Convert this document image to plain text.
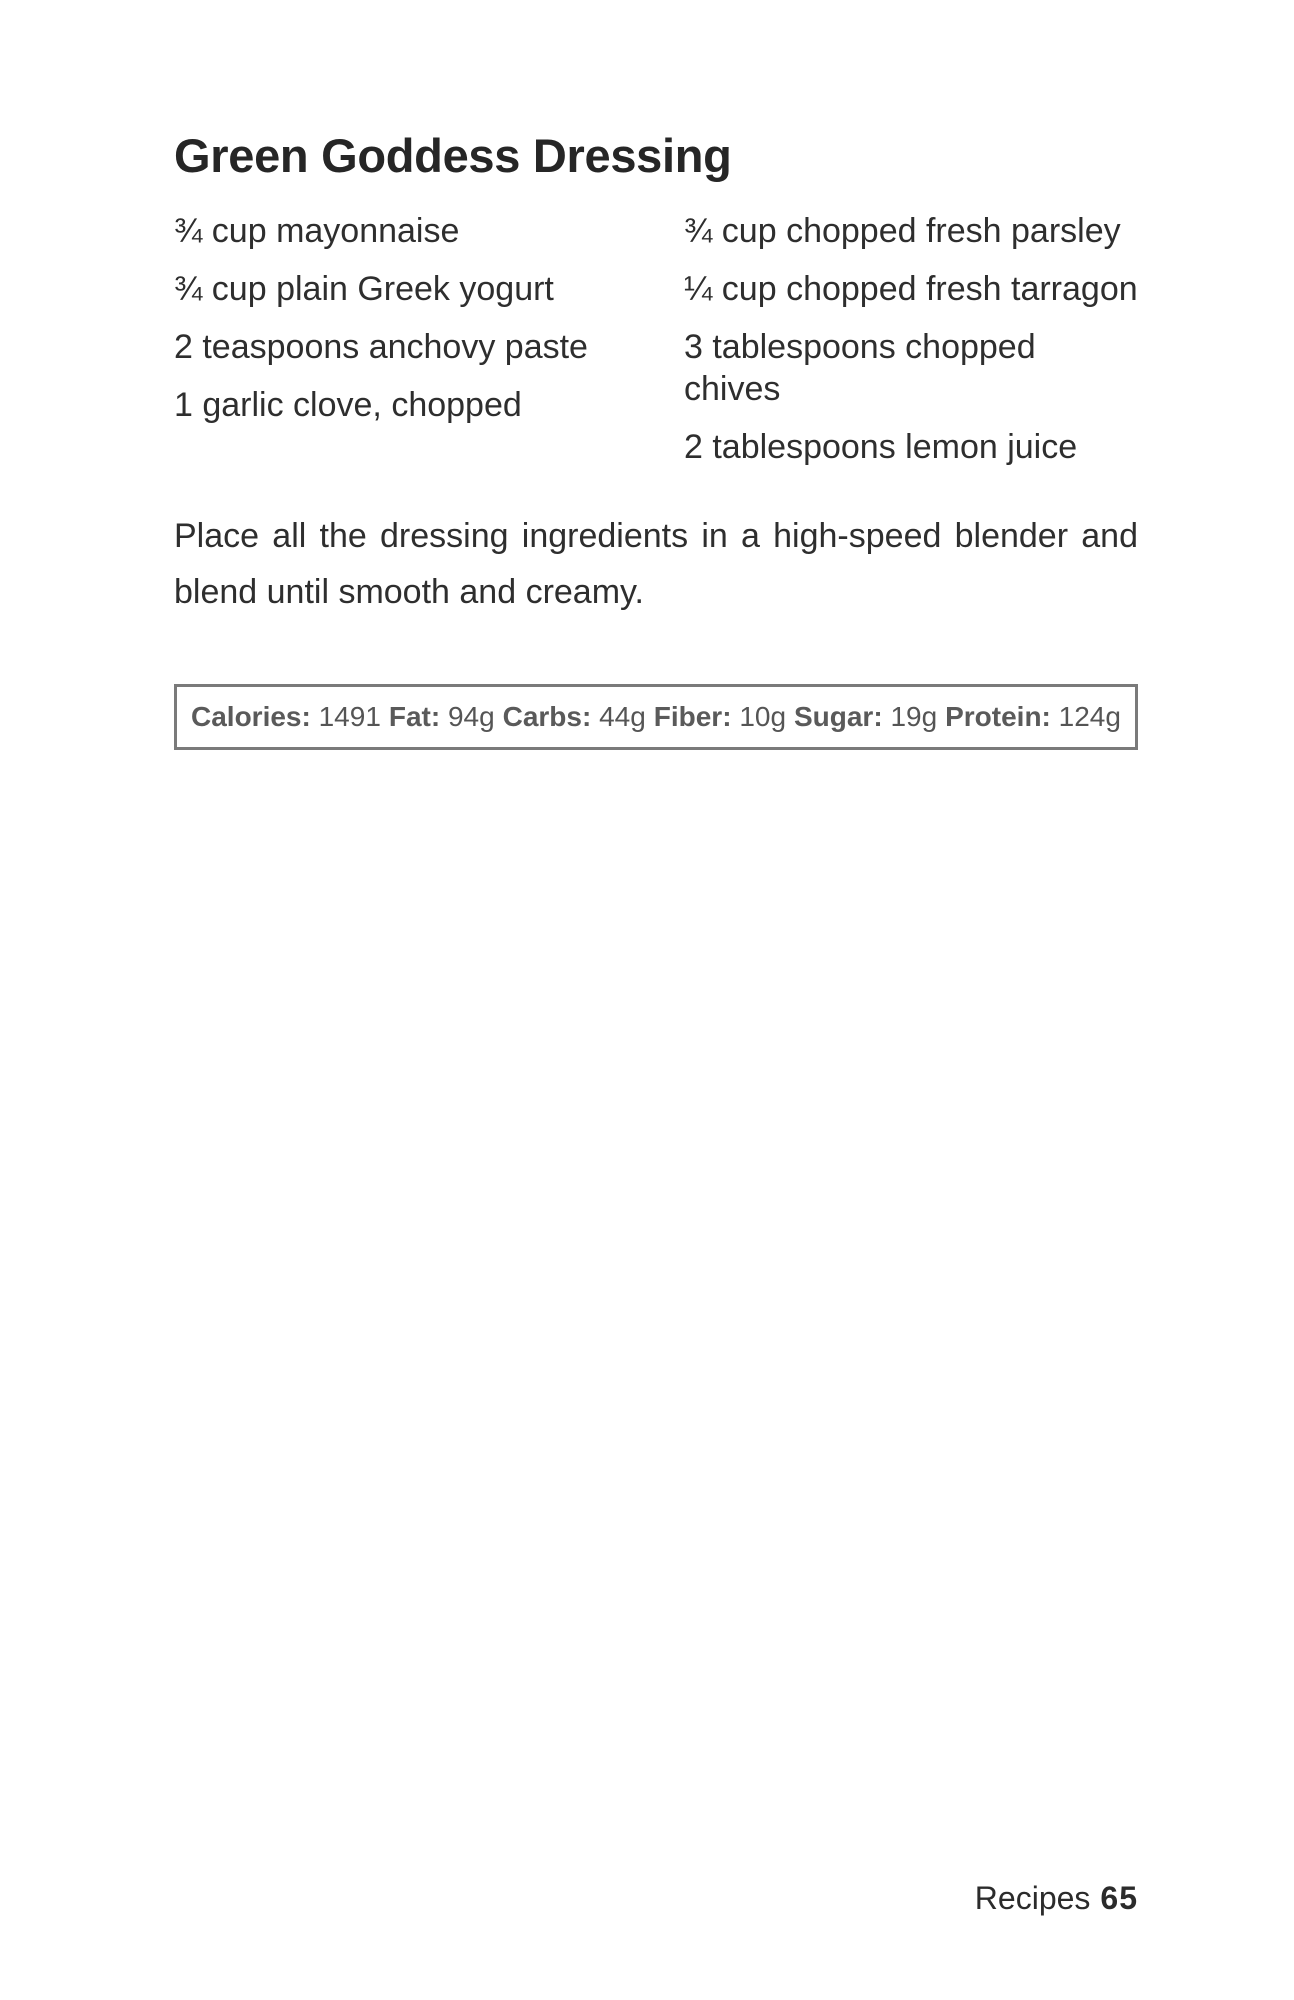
Green Goddess Dressing
¾ cup mayonnaise
¾ cup plain Greek yogurt
2 teaspoons anchovy paste
1 garlic clove, chopped
¾ cup chopped fresh parsley
¼ cup chopped fresh tarragon
3 tablespoons chopped chives
2 tablespoons lemon juice

Place all the dressing ingredients in a high-speed blender and blend until smooth and creamy.

Calories: 1491 Fat: 94g Carbs: 44g Fiber: 10g Sugar: 19g Protein: 124g
Recipes 65
